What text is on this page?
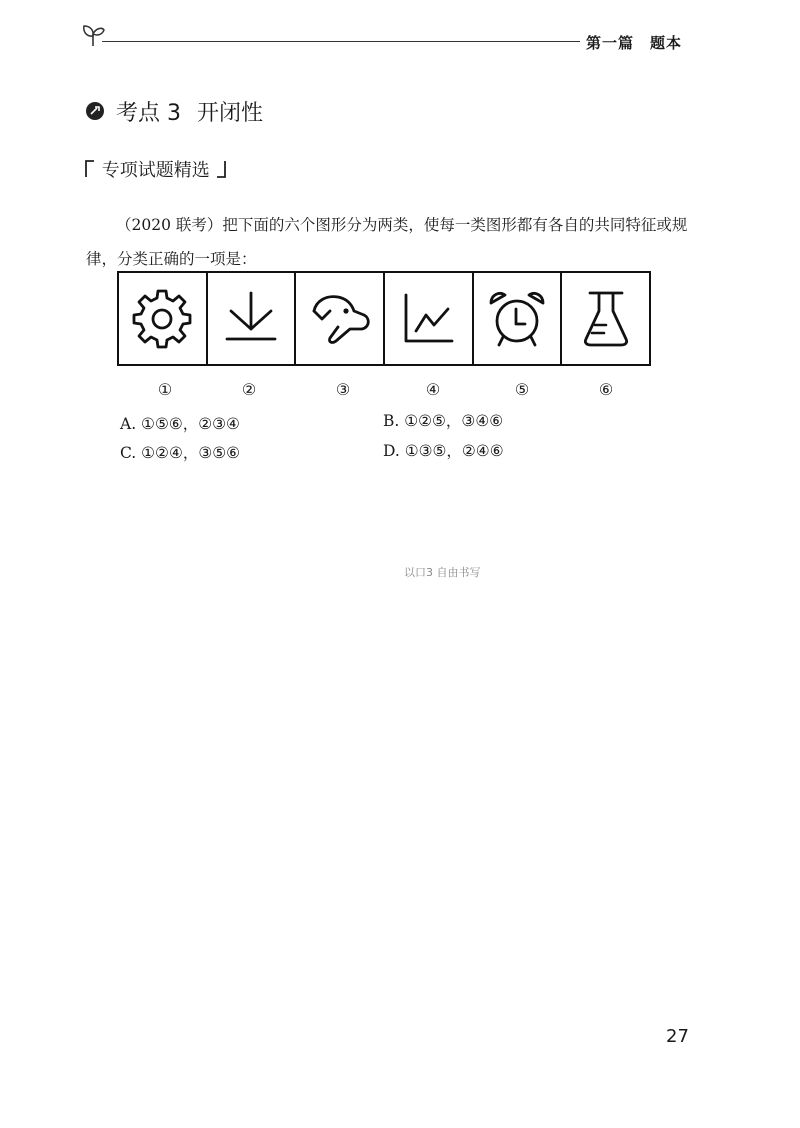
第一篇　题本
考点 3 开闭性
专项试题精选
（2020 联考）把下面的六个图形分为两类，使每一类图形都有各自的共同特征或规律，分类正确的一项是：
①	②	③	④	⑤	⑥
A. ①⑤⑥，②③④	B. ①②⑤，③④⑥
C. ①②④，③⑤⑥	D. ①③⑤，②④⑥
以口3 自由书写
27
